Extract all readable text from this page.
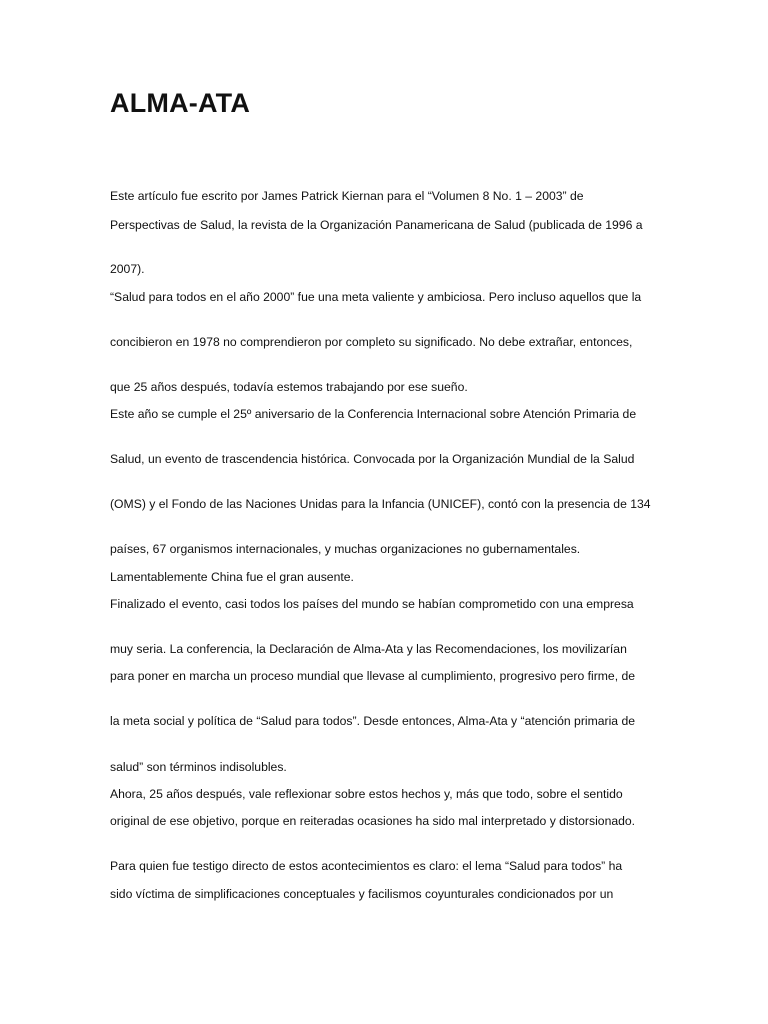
ALMA-ATA

Este artículo fue escrito por James Patrick Kiernan para el “Volumen 8 No. 1 – 2003” de

Perspectivas de Salud, la revista de la Organización Panamericana de Salud (publicada de 1996 a

2007).

“Salud para todos en el año 2000” fue una meta valiente y ambiciosa. Pero incluso aquellos que la

concibieron en 1978 no comprendieron por completo su significado. No debe extrañar, entonces,

que 25 años después, todavía estemos trabajando por ese sueño.

Este año se cumple el 25º aniversario de la Conferencia Internacional sobre Atención Primaria de

Salud, un evento de trascendencia histórica. Convocada por la Organización Mundial de la Salud

(OMS) y el Fondo de las Naciones Unidas para la Infancia (UNICEF), contó con la presencia de 134

países, 67 organismos internacionales, y muchas organizaciones no gubernamentales.

Lamentablemente China fue el gran ausente.

Finalizado el evento, casi todos los países del mundo se habían comprometido con una empresa

muy seria. La conferencia, la Declaración de Alma-Ata y las Recomendaciones, los movilizarían

para poner en marcha un proceso mundial que llevase al cumplimiento, progresivo pero firme, de

la meta social y política de “Salud para todos”. Desde entonces, Alma-Ata y “atención primaria de

salud” son términos indisolubles.

Ahora, 25 años después, vale reflexionar sobre estos hechos y, más que todo, sobre el sentido

original de ese objetivo, porque en reiteradas ocasiones ha sido mal interpretado y distorsionado.

Para quien fue testigo directo de estos acontecimientos es claro: el lema “Salud para todos” ha

sido víctima de simplificaciones conceptuales y facilismos coyunturales condicionados por un
